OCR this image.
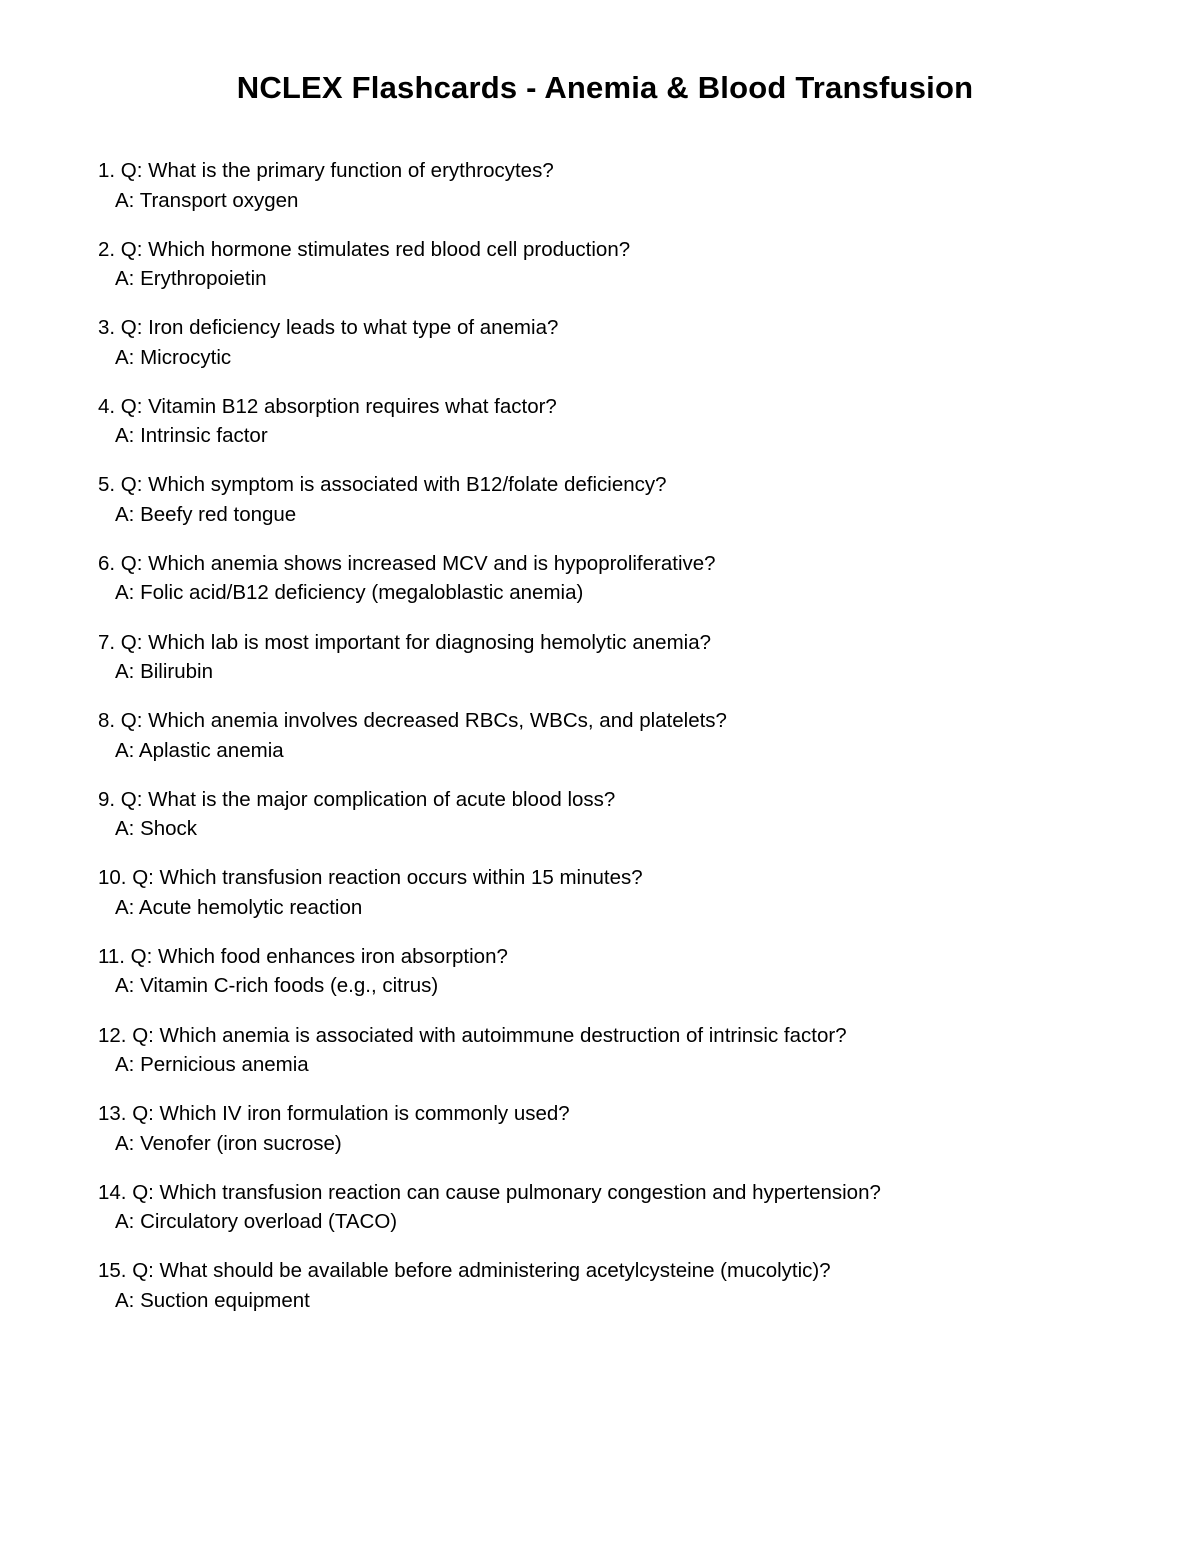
NCLEX Flashcards - Anemia & Blood Transfusion
1. Q: What is the primary function of erythrocytes?
A: Transport oxygen
2. Q: Which hormone stimulates red blood cell production?
A: Erythropoietin
3. Q: Iron deficiency leads to what type of anemia?
A: Microcytic
4. Q: Vitamin B12 absorption requires what factor?
A: Intrinsic factor
5. Q: Which symptom is associated with B12/folate deficiency?
A: Beefy red tongue
6. Q: Which anemia shows increased MCV and is hypoproliferative?
A: Folic acid/B12 deficiency (megaloblastic anemia)
7. Q: Which lab is most important for diagnosing hemolytic anemia?
A: Bilirubin
8. Q: Which anemia involves decreased RBCs, WBCs, and platelets?
A: Aplastic anemia
9. Q: What is the major complication of acute blood loss?
A: Shock
10. Q: Which transfusion reaction occurs within 15 minutes?
A: Acute hemolytic reaction
11. Q: Which food enhances iron absorption?
A: Vitamin C-rich foods (e.g., citrus)
12. Q: Which anemia is associated with autoimmune destruction of intrinsic factor?
A: Pernicious anemia
13. Q: Which IV iron formulation is commonly used?
A: Venofer (iron sucrose)
14. Q: Which transfusion reaction can cause pulmonary congestion and hypertension?
A: Circulatory overload (TACO)
15. Q: What should be available before administering acetylcysteine (mucolytic)?
A: Suction equipment
